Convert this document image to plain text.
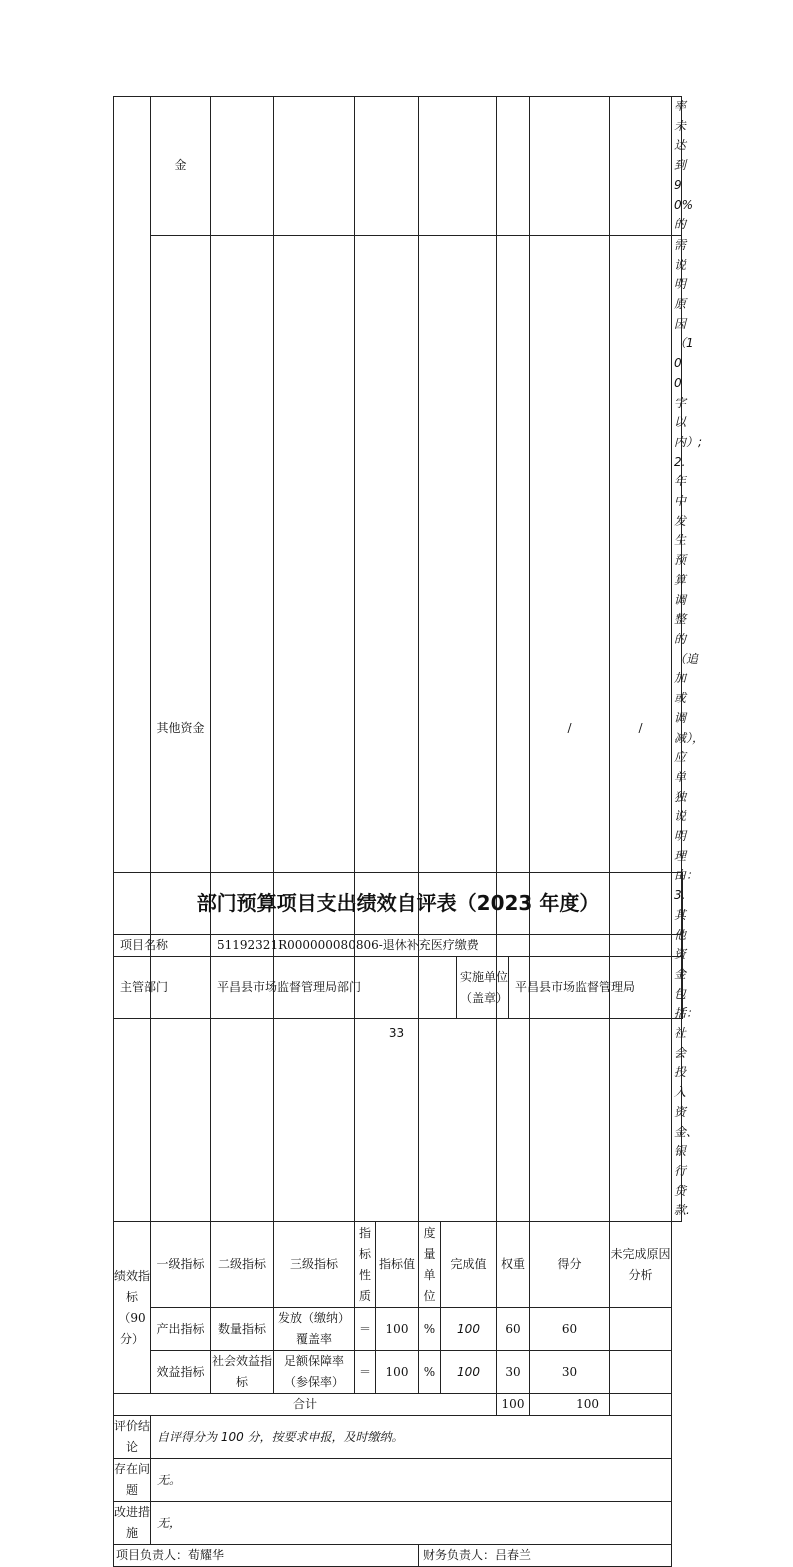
	金										率未达到 90%的
	其他资金								/	/	需说明原因（100 字以内）;2.年中发生预算调整的（追加或调减），应单独说明理由：3.其他资金包括：社会投入资金、银行贷款.
绩效指标（90分）	一级指标	二级指标	三级指标	指标性质	指标值	度量单位	完成值	权重	得分	未完成原因分析	
	产出指标	数量指标	发放（缴纳）覆盖率	＝	100	%	100	60	60		
	效益指标	社会效益指标	足额保障率（参保率）	＝	100	%	100	30	30		
合计								100	100		
评价结论	自评得分为 100 分，按要求申报，及时缴纳。										
存在问题	无。										
改进措施	无，										
项目负责人：荀耀华						财务负责人：吕春兰					
部门预算项目支出绩效自评表（2023 年度）			
项目名称	51192321R000000080806-退休补充医疗缴费		
主管部门	平昌县市场监督管理局部门	实施单位（盖章）	平昌县市场监督管理局
33
